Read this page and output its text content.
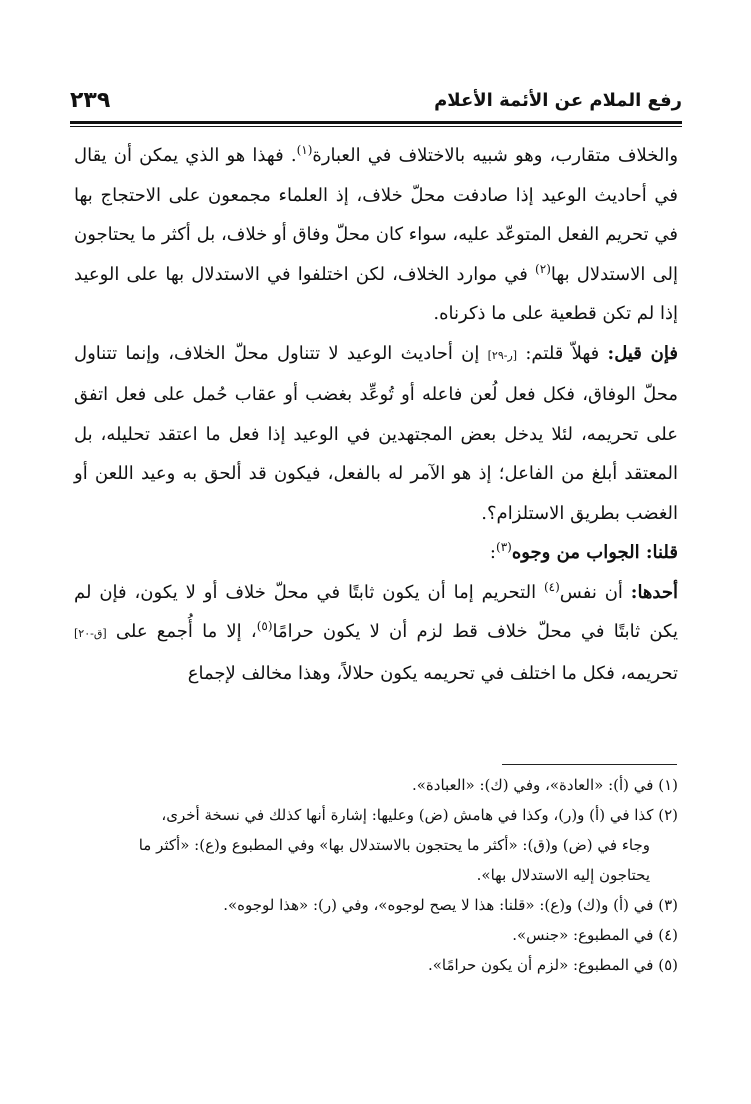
رفع الملام عن الأئمة الأعلام
٢٣٩

والخلاف متقارب، وهو شبيه بالاختلاف في العبارة$^{(١)}$. فهذا هو الذي يمكن أن يقال في أحاديث الوعيد إذا صادفت محلّ خلاف، إذ العلماء مجمعون على الاحتجاج بها في تحريم الفعل المتوعّد عليه، سواء كان محلّ وفاق أو خلاف، بل أكثر ما يحتاجون إلى الاستدلال بها$^{(٢)}$ في موارد الخلاف، لكن اختلفوا في الاستدلال بها على الوعيد إذا لم تكن قطعية على ما ذكرناه.

فإن قيل: فهلاّ قلتم: [ر-٢٩] إن أحاديث الوعيد لا تتناول محلّ الخلاف، وإنما تتناول محلّ الوفاق، فكل فعل لُعن فاعله أو تُوعِّد بغضب أو عقاب حُمل على فعل اتفق على تحريمه، لئلا يدخل بعض المجتهدين في الوعيد إذا فعل ما اعتقد تحليله، بل المعتقد أبلغ من الفاعل؛ إذ هو الآمر له بالفعل، فيكون قد ألحق به وعيد اللعن أو الغضب بطريق الاستلزام؟.

قلنا: الجواب من وجوه$^{(٣)}$:

أحدها: أن نفس$^{(٤)}$ التحريم إما أن يكون ثابتًا في محلّ خلاف أو لا يكون، فإن لم يكن ثابتًا في محلّ خلاف قط لزم أن لا يكون حرامًا$^{(٥)}$، إلا ما أُجمع على [ق-٢٠] تحريمه، فكل ما اختلف في تحريمه يكون حلالاً، وهذا مخالف لإجماع

(١) في (أ): «العادة»، وفي (ك): «العبادة».

(٢) كذا في (أ) و(ر)، وكذا في هامش (ض) وعليها: إشارة أنها كذلك في نسخة أخرى،

وجاء في (ض) و(ق): «أكثر ما يحتجون بالاستدلال بها» وفي المطبوع و(ع): «أكثر ما

يحتاجون إليه الاستدلال بها».

(٣) في (أ) و(ك) و(ع): «قلنا: هذا لا يصح لوجوه»، وفي (ر): «هذا لوجوه».

(٤) في المطبوع: «جنس».

(٥) في المطبوع: «لزم أن يكون حرامًا».
